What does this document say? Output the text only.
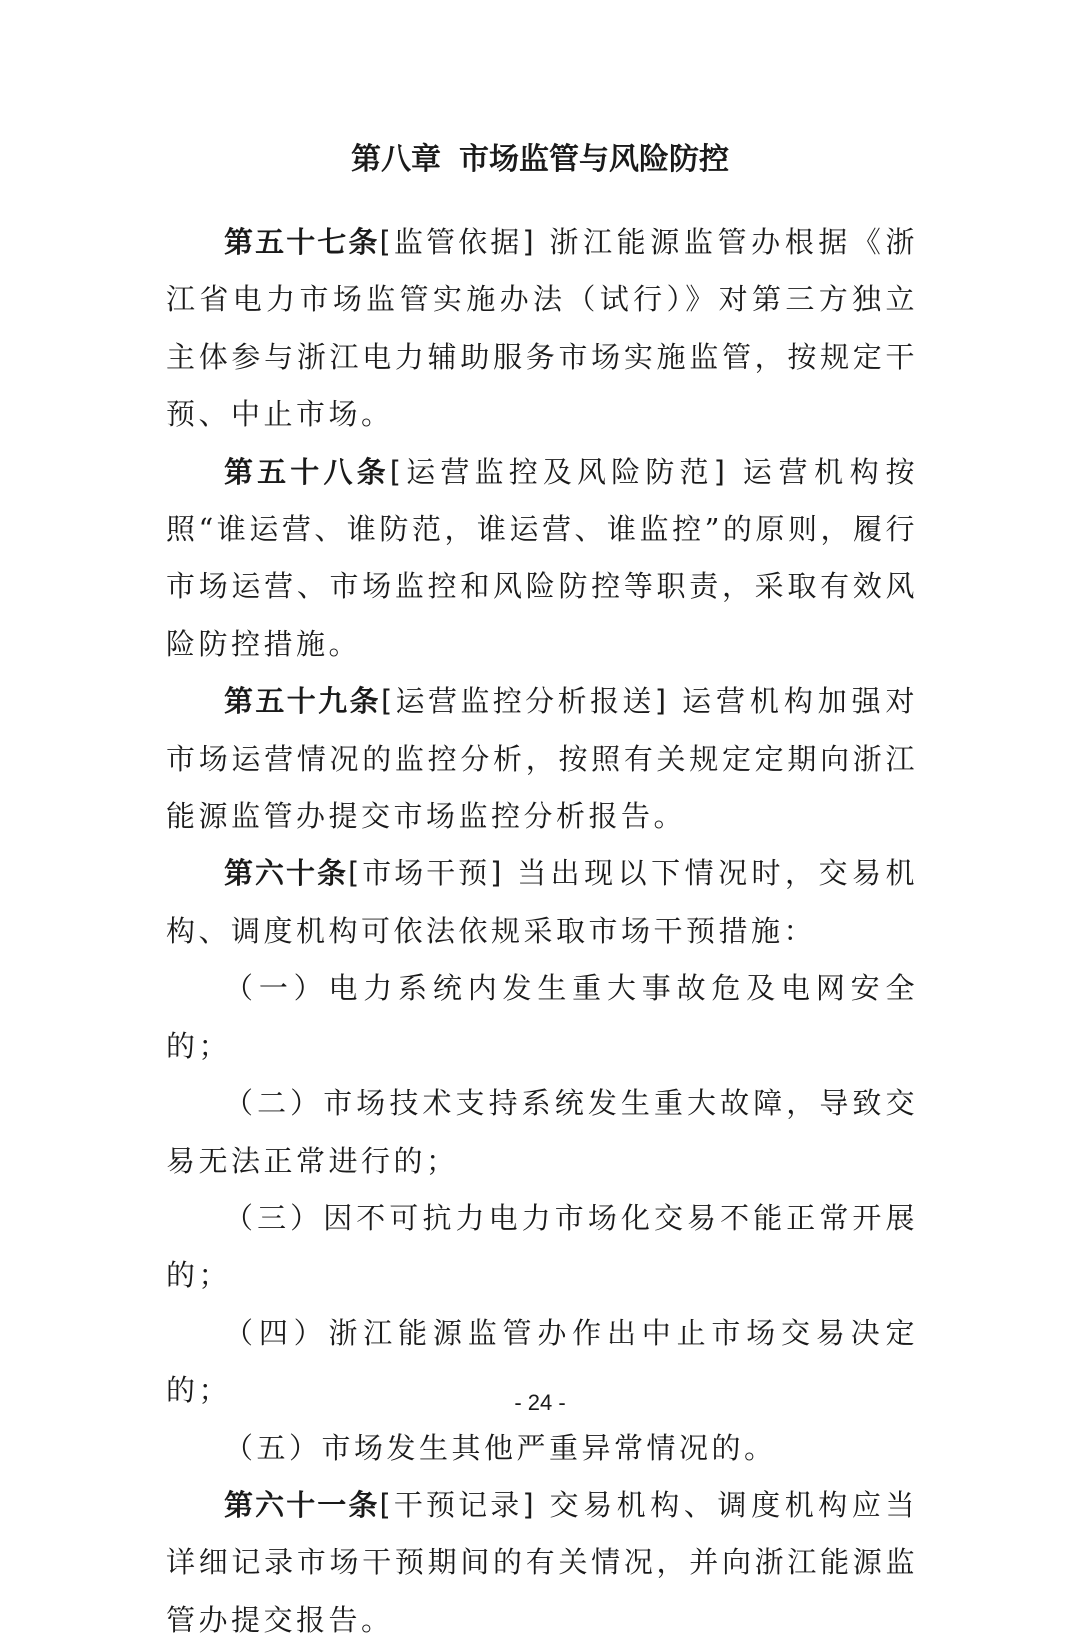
第八章 市场监管与风险防控

第五十七条[监管依据] 浙江能源监管办根据《浙江省电力市场监管实施办法（试行）》对第三方独立主体参与浙江电力辅助服务市场实施监管，按规定干预、中止市场。

第五十八条[运营监控及风险防范] 运营机构按照“谁运营、谁防范，谁运营、谁监控”的原则，履行市场运营、市场监控和风险防控等职责，采取有效风险防控措施。

第五十九条[运营监控分析报送] 运营机构加强对市场运营情况的监控分析，按照有关规定定期向浙江能源监管办提交市场监控分析报告。

第六十条[市场干预] 当出现以下情况时，交易机构、调度机构可依法依规采取市场干预措施：

（一）电力系统内发生重大事故危及电网安全的；

（二）市场技术支持系统发生重大故障，导致交易无法正常进行的；

（三）因不可抗力电力市场化交易不能正常开展的；

（四）浙江能源监管办作出中止市场交易决定的；

（五）市场发生其他严重异常情况的。

第六十一条[干预记录] 交易机构、调度机构应当详细记录市场干预期间的有关情况，并向浙江能源监管办提交报告。

- 24 -
